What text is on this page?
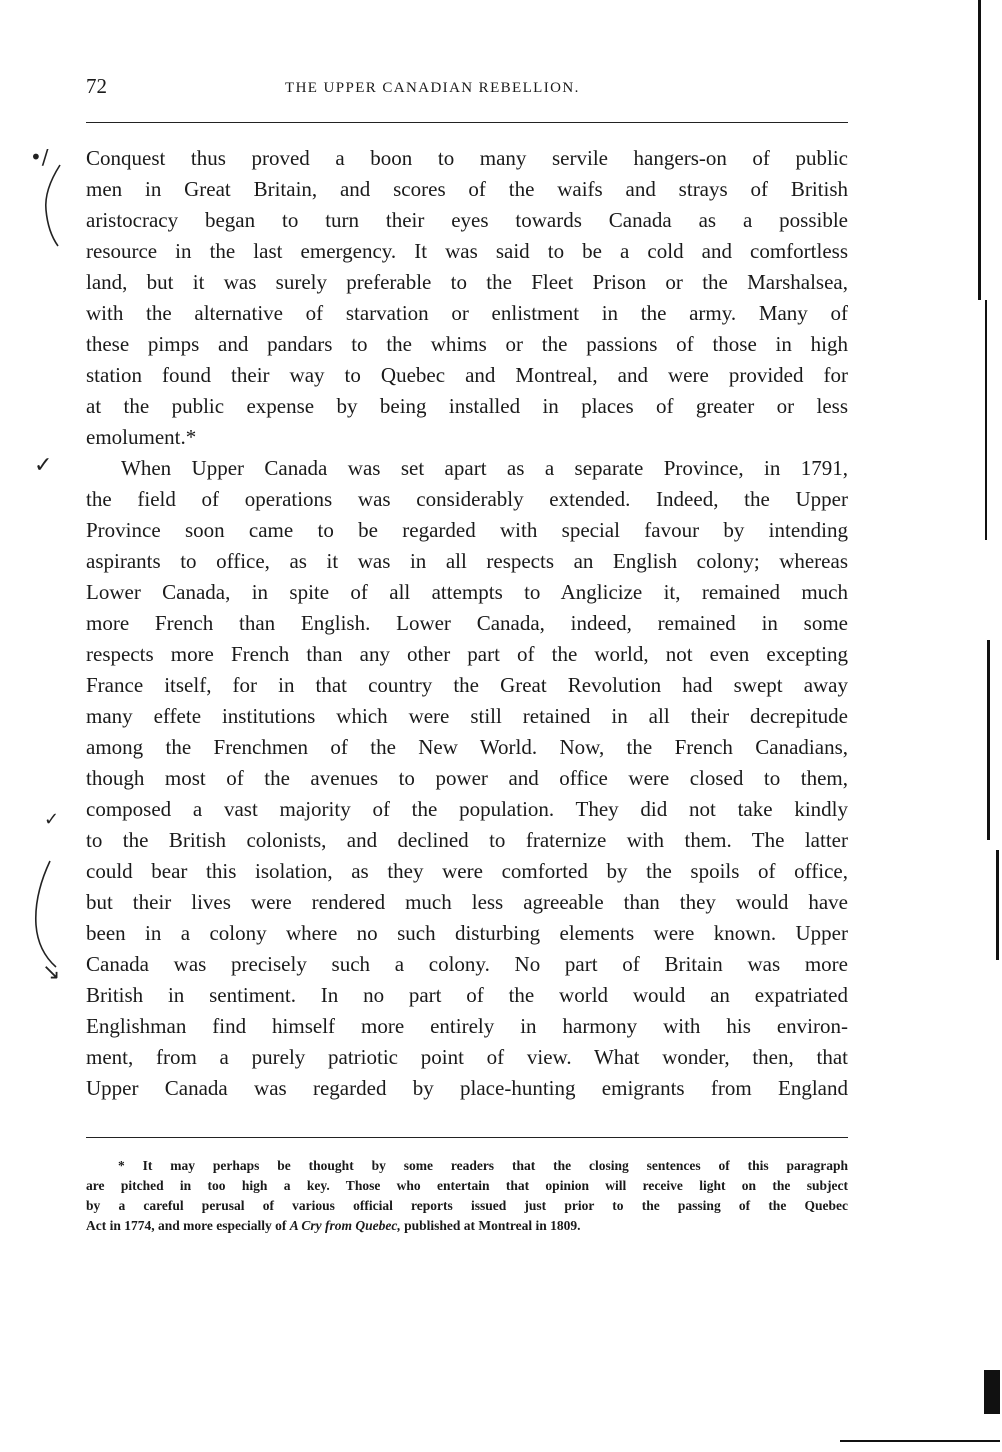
72	THE UPPER CANADIAN REBELLION.
Conquest thus proved a boon to many servile hangers-on of public
men in Great Britain, and scores of the waifs and strays of British
aristocracy began to turn their eyes towards Canada as a possible
resource in the last emergency. It was said to be a cold and comfortless
land, but it was surely preferable to the Fleet Prison or the Marshalsea,
with the alternative of starvation or enlistment in the army. Many of
these pimps and pandars to the whims or the passions of those in high
station found their way to Quebec and Montreal, and were provided for
at the public expense by being installed in places of greater or less
emolument.*
When Upper Canada was set apart as a separate Province, in 1791,
the field of operations was considerably extended. Indeed, the Upper
Province soon came to be regarded with special favour by intending
aspirants to office, as it was in all respects an English colony; whereas
Lower Canada, in spite of all attempts to Anglicize it, remained much
more French than English. Lower Canada, indeed, remained in some
respects more French than any other part of the world, not even excepting
France itself, for in that country the Great Revolution had swept away
many effete institutions which were still retained in all their decrepitude
among the Frenchmen of the New World. Now, the French Canadians,
though most of the avenues to power and office were closed to them,
composed a vast majority of the population. They did not take kindly
to the British colonists, and declined to fraternize with them. The latter
could bear this isolation, as they were comforted by the spoils of office,
but their lives were rendered much less agreeable than they would have
been in a colony where no such disturbing elements were known. Upper
Canada was precisely such a colony. No part of Britain was more
British in sentiment. In no part of the world would an expatriated
Englishman find himself more entirely in harmony with his environ-
ment, from a purely patriotic point of view. What wonder, then, that
Upper Canada was regarded by place-hunting emigrants from England
* It may perhaps be thought by some readers that the closing sentences of this paragraph
are pitched in too high a key. Those who entertain that opinion will receive light on the subject
by a careful perusal of various official reports issued just prior to the passing of the Quebec
Act in 1774, and more especially of A Cry from Quebec, published at Montreal in 1809.
•/
✓
✓
↘
